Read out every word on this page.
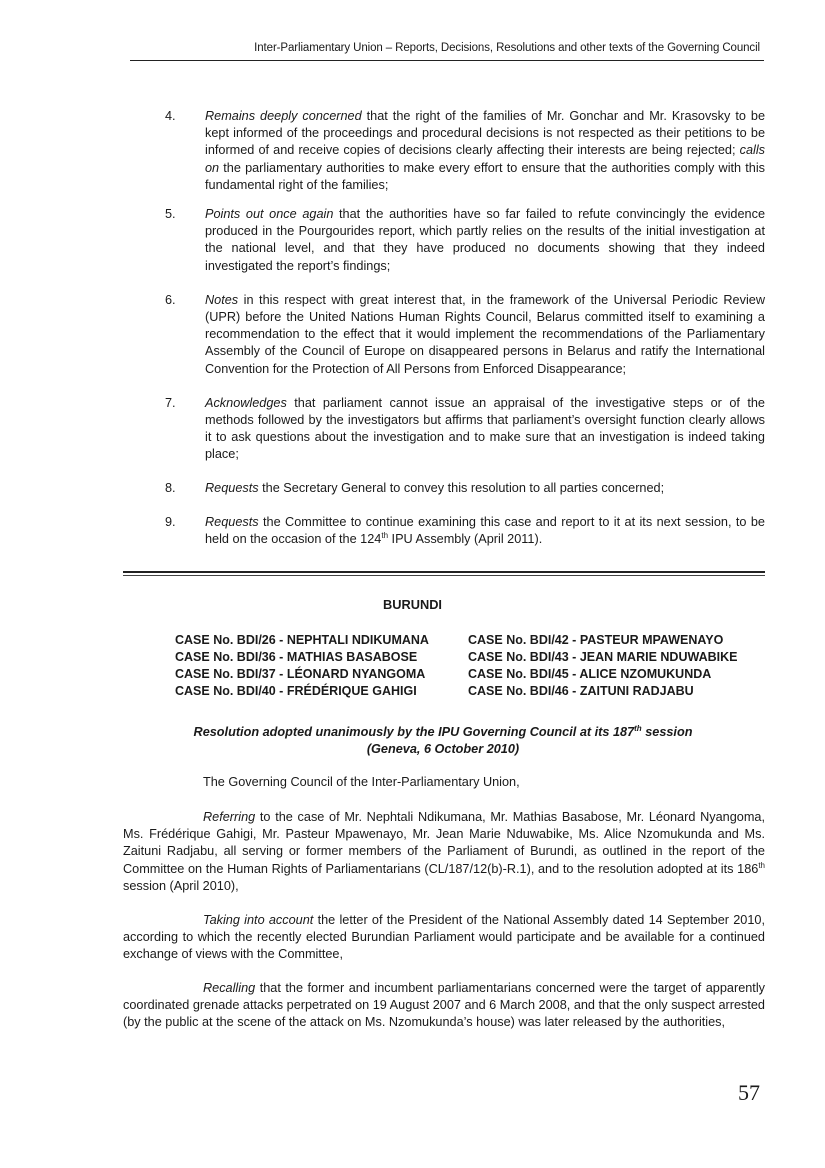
Inter-Parliamentary Union – Reports, Decisions, Resolutions and other texts of the Governing Council
4.	Remains deeply concerned that the right of the families of Mr. Gonchar and Mr. Krasovsky to be kept informed of the proceedings and procedural decisions is not respected as their petitions to be informed of and receive copies of decisions clearly affecting their interests are being rejected; calls on the parliamentary authorities to make every effort to ensure that the authorities comply with this fundamental right of the families;
5.	Points out once again that the authorities have so far failed to refute convincingly the evidence produced in the Pourgourides report, which partly relies on the results of the initial investigation at the national level, and that they have produced no documents showing that they indeed investigated the report’s findings;
6.	Notes in this respect with great interest that, in the framework of the Universal Periodic Review (UPR) before the United Nations Human Rights Council, Belarus committed itself to examining a recommendation to the effect that it would implement the recommendations of the Parliamentary Assembly of the Council of Europe on disappeared persons in Belarus and ratify the International Convention for the Protection of All Persons from Enforced Disappearance;
7.	Acknowledges that parliament cannot issue an appraisal of the investigative steps or of the methods followed by the investigators but affirms that parliament’s oversight function clearly allows it to ask questions about the investigation and to make sure that an investigation is indeed taking place;
8.	Requests the Secretary General to convey this resolution to all parties concerned;
9.	Requests the Committee to continue examining this case and report to it at its next session, to be held on the occasion of the 124th IPU Assembly (April 2011).
BURUNDI
CASE No. BDI/26 - NEPHTALI NDIKUMANA	CASE No. BDI/42 - PASTEUR MPAWENAYO
CASE No. BDI/36 - MATHIAS BASABOSE	CASE No. BDI/43 - JEAN MARIE NDUWABIKE
CASE No. BDI/37 - LÉONARD NYANGOMA	CASE No. BDI/45 - ALICE NZOMUKUNDA
CASE No. BDI/40 - FRÉDÉRIQUE GAHIGI	CASE No. BDI/46 - ZAITUNI RADJABU
Resolution adopted unanimously by the IPU Governing Council at its 187th session
(Geneva, 6 October 2010)
The Governing Council of the Inter-Parliamentary Union,
Referring to the case of Mr. Nephtali Ndikumana, Mr. Mathias Basabose, Mr. Léonard Nyangoma, Ms. Frédérique Gahigi, Mr. Pasteur Mpawenayo, Mr. Jean Marie Nduwabike, Ms. Alice Nzomukunda and Ms. Zaituni Radjabu, all serving or former members of the Parliament of Burundi, as outlined in the report of the Committee on the Human Rights of Parliamentarians (CL/187/12(b)-R.1), and to the resolution adopted at its 186th session (April 2010),
Taking into account the letter of the President of the National Assembly dated 14 September 2010, according to which the recently elected Burundian Parliament would participate and be available for a continued exchange of views with the Committee,
Recalling that the former and incumbent parliamentarians concerned were the target of apparently coordinated grenade attacks perpetrated on 19 August 2007 and 6 March 2008, and that the only suspect arrested (by the public at the scene of the attack on Ms. Nzomukunda’s house) was later released by the authorities,
57
